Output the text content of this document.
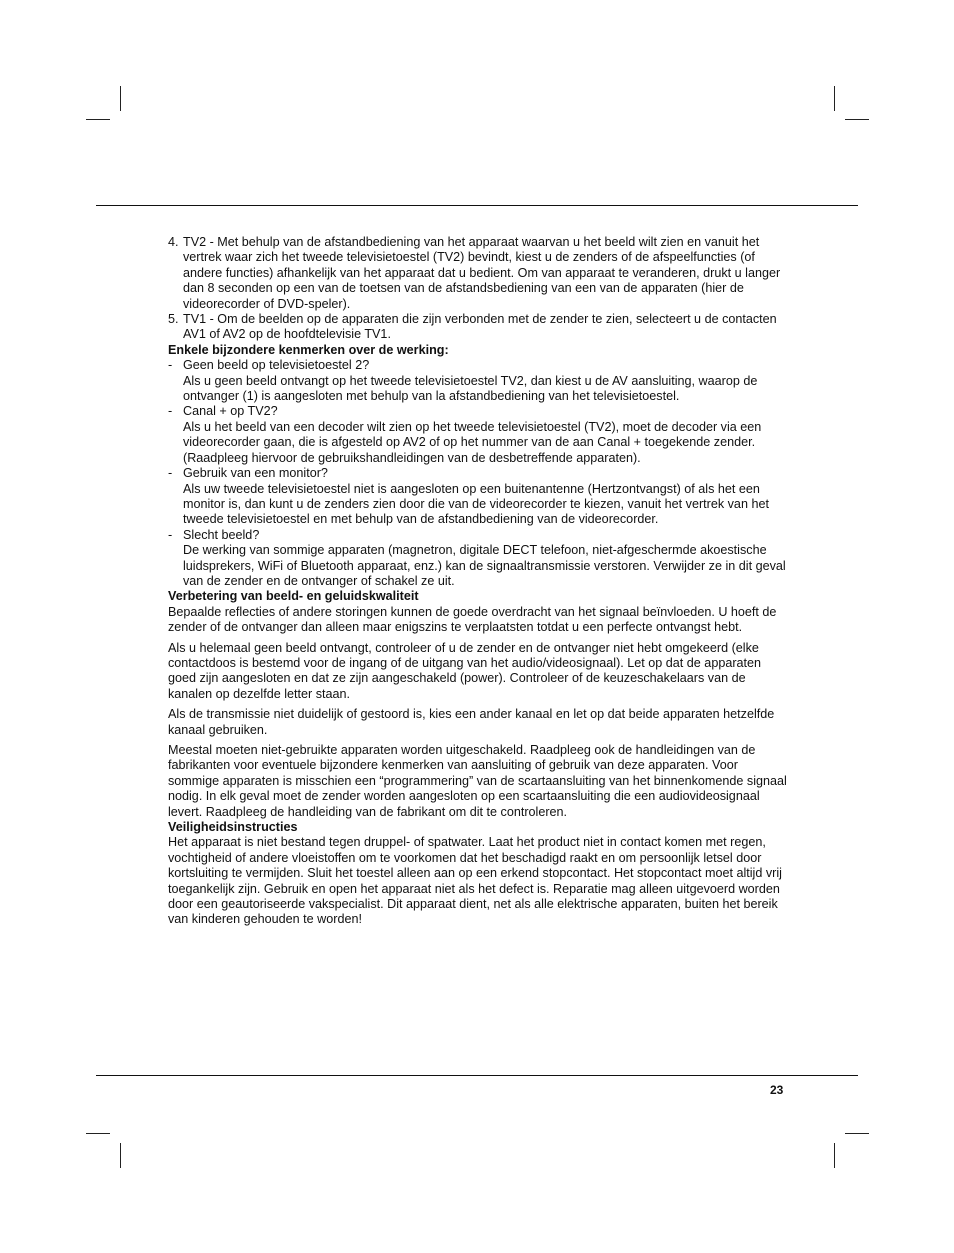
4. TV2 - Met behulp van de afstandbediening van het apparaat waarvan u het beeld wilt zien en vanuit het vertrek waar zich het tweede televisietoestel (TV2) bevindt, kiest u de zenders of de afspeelfuncties (of andere functies) afhankelijk van het apparaat dat u bedient. Om van apparaat te veranderen, drukt u langer dan 8 seconden op een van de toetsen van de afstandsbediening van een van de apparaten (hier de videorecorder of DVD-speler).
5. TV1 - Om de beelden op de apparaten die zijn verbonden met de zender te zien, selecteert u de contacten AV1 of AV2 op de hoofdtelevisie TV1.

Enkele bijzondere kenmerken over de werking:

- Geen beeld op televisietoestel 2?

Als u geen beeld ontvangt op het tweede televisietoestel TV2, dan kiest u de AV aansluiting, waarop de ontvanger (1) is aangesloten met behulp van la afstandbediening van het televisietoestel.

- Canal + op TV2?

Als u het beeld van een decoder wilt zien op het tweede televisietoestel (TV2), moet de decoder via een videorecorder gaan, die is afgesteld op AV2 of op het nummer van de aan Canal + toegekende zender. (Raadpleeg hiervoor de gebruikshandleidingen van de desbetreffende apparaten).

- Gebruik van een monitor?

Als uw tweede televisietoestel niet is aangesloten op een buitenantenne (Hertzontvangst) of als het een monitor is, dan kunt u de zenders zien door die van de videorecorder te kiezen, vanuit het vertrek van het tweede televisietoestel en met behulp van de afstandbediening van de videorecorder.

- Slecht beeld?

De werking van sommige apparaten (magnetron, digitale DECT telefoon, niet-afgeschermde akoestische luidsprekers, WiFi of Bluetooth apparaat, enz.) kan de signaaltransmissie verstoren. Verwijder ze in dit geval van de zender en de ontvanger of schakel ze uit.

Verbetering van beeld- en geluidskwaliteit

Bepaalde reflecties of andere storingen kunnen de goede overdracht van het signaal beïnvloeden. U hoeft de zender of de ontvanger dan alleen maar enigszins te verplaatsten totdat u een perfecte ontvangst hebt.

Als u helemaal geen beeld ontvangt, controleer of u de zender en de ontvanger niet hebt omgekeerd (elke contactdoos is bestemd voor de ingang of de uitgang van het audio/videosignaal). Let op dat de apparaten goed zijn aangesloten en dat ze zijn aangeschakeld (power). Controleer of de keuzeschakelaars van de kanalen op dezelfde letter staan.

Als de transmissie niet duidelijk of gestoord is, kies een ander kanaal en let op dat beide apparaten hetzelfde kanaal gebruiken.

Meestal moeten niet-gebruikte apparaten worden uitgeschakeld. Raadpleeg ook de handleidingen van de fabrikanten voor eventuele bijzondere kenmerken van aansluiting of gebruik van deze apparaten. Voor sommige apparaten is misschien een “programmering” van de scartaansluiting van het binnenkomende signaal nodig. In elk geval moet de zender worden aangesloten op een scartaansluiting die een audiovideosignaal levert. Raadpleeg de handleiding van de fabrikant om dit te controleren.

Veiligheidsinstructies

Het apparaat is niet bestand tegen druppel- of spatwater. Laat het product niet in contact komen met regen, vochtigheid of andere vloeistoffen om te voorkomen dat het beschadigd raakt en om persoonlijk letsel door kortsluiting te vermijden. Sluit het toestel alleen aan op een erkend stopcontact. Het stopcontact moet altijd vrij toegankelijk zijn. Gebruik en open het apparaat niet als het defect is. Reparatie mag alleen uitgevoerd worden door een geautoriseerde vakspecialist. Dit apparaat dient, net als alle elektrische apparaten, buiten het bereik van kinderen gehouden te worden!

23
